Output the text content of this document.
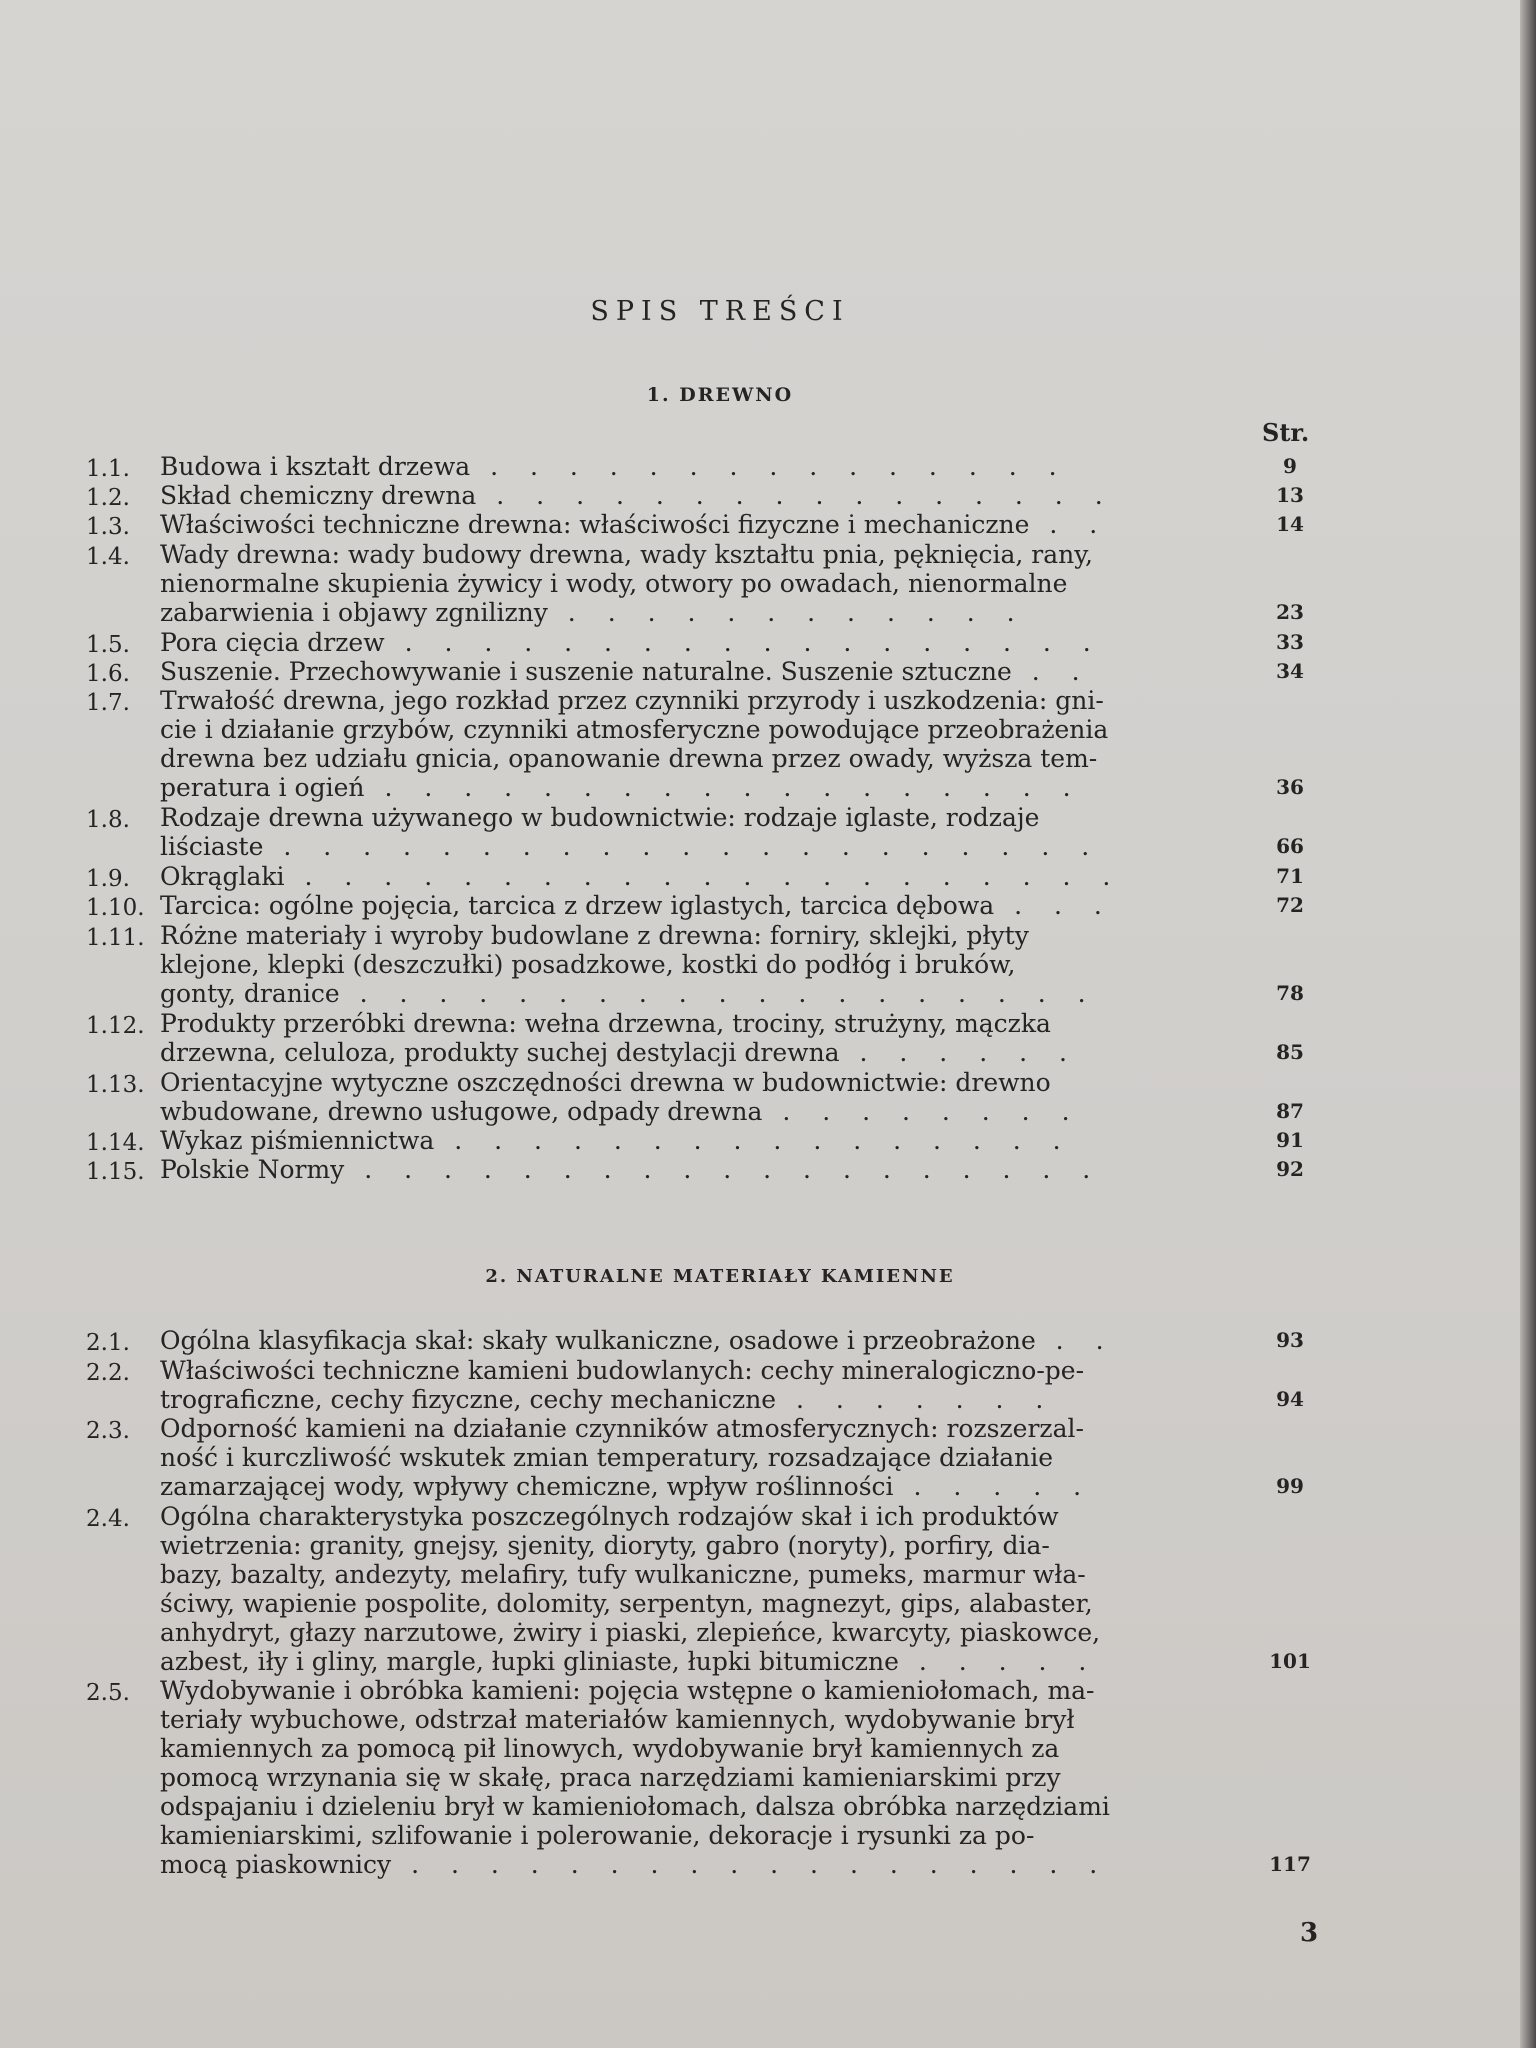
SPIS TREŚCI
1. DREWNO
Str.
1.1.	Budowa i kształt drzewa . . . . . . . . . . . . . . .	9
1.2.	Skład chemiczny drewna . . . . . . . . . . . . . . . .	13
1.3.	Właściwości techniczne drewna: właściwości fizyczne i mechaniczne . .	14
1.4.	Wady drewna: wady budowy drewna, wady kształtu pnia, pęknięcia, rany,
nienormalne skupienia żywicy i wody, otwory po owadach, nienormalne
zabarwienia i objawy zgnilizny . . . . . . . . . . . .	23
1.5.	Pora cięcia drzew . . . . . . . . . . . . . . . . . .	33
1.6.	Suszenie. Przechowywanie i suszenie naturalne. Suszenie sztuczne . .	34
1.7.	Trwałość drewna, jego rozkład przez czynniki przyrody i uszkodzenia: gni-
cie i działanie grzybów, czynniki atmosferyczne powodujące przeobrażenia
drewna bez udziału gnicia, opanowanie drewna przez owady, wyższa tem-
peratura i ogień . . . . . . . . . . . . . . . . . .	36
1.8.	Rodzaje drewna używanego w budownictwie: rodzaje iglaste, rodzaje
liściaste . . . . . . . . . . . . . . . . . . . . .	66
1.9.	Okrąglaki . . . . . . . . . . . . . . . . . . . . .	71
1.10. Tarcica: ogólne pojęcia, tarcica z drzew iglastych, tarcica dębowa . . .	72
1.11. Różne materiały i wyroby budowlane z drewna: forniry, sklejki, płyty
klejone, klepki (deszczułki) posadzkowe, kostki do podłóg i bruków,
gonty, dranice . . . . . . . . . . . . . . . . . . .	78
1.12. Produkty przeróbki drewna: wełna drzewna, trociny, strużyny, mączka
drzewna, celuloza, produkty suchej destylacji drewna . . . . . .	85
1.13. Orientacyjne wytyczne oszczędności drewna w budownictwie: drewno
wbudowane, drewno usługowe, odpady drewna . . . . . . . .	87
1.14. Wykaz piśmiennictwa . . . . . . . . . . . . . . . .	91
1.15. Polskie Normy . . . . . . . . . . . . . . . . . . .	92
2. NATURALNE MATERIAŁY KAMIENNE
2.1.	Ogólna klasyfikacja skał: skały wulkaniczne, osadowe i przeobrażone . .	93
2.2.	Właściwości techniczne kamieni budowlanych: cechy mineralogiczno-pe-
trograficzne, cechy fizyczne, cechy mechaniczne . . . . . . .	94
2.3.	Odporność kamieni na działanie czynników atmosferycznych: rozszerzal-
ność i kurczliwość wskutek zmian temperatury, rozsadzające działanie
zamarzającej wody, wpływy chemiczne, wpływ roślinności . . . . .	99
2.4.	Ogólna charakterystyka poszczególnych rodzajów skał i ich produktów
wietrzenia: granity, gnejsy, sjenity, dioryty, gabro (noryty), porfiry, dia-
bazy, bazalty, andezyty, melafiry, tufy wulkaniczne, pumeks, marmur wła-
ściwy, wapienie pospolite, dolomity, serpentyn, magnezyt, gips, alabaster,
anhydryt, głazy narzutowe, żwiry i piaski, zlepieńce, kwarcyty, piaskowce,
azbest, iły i gliny, margle, łupki gliniaste, łupki bitumiczne . . . . .	101
2.5.	Wydobywanie i obróbka kamieni: pojęcia wstępne o kamieniołomach, ma-
teriały wybuchowe, odstrzał materiałów kamiennych, wydobywanie brył
kamiennych za pomocą pił linowych, wydobywanie brył kamiennych za
pomocą wrzynania się w skałę, praca narzędziami kamieniarskimi przy
odspajaniu i dzieleniu brył w kamieniołomach, dalsza obróbka narzędziami
kamieniarskimi, szlifowanie i polerowanie, dekoracje i rysunki za po-
mocą piaskownicy . . . . . . . . . . . . . . . . . .	117
3
